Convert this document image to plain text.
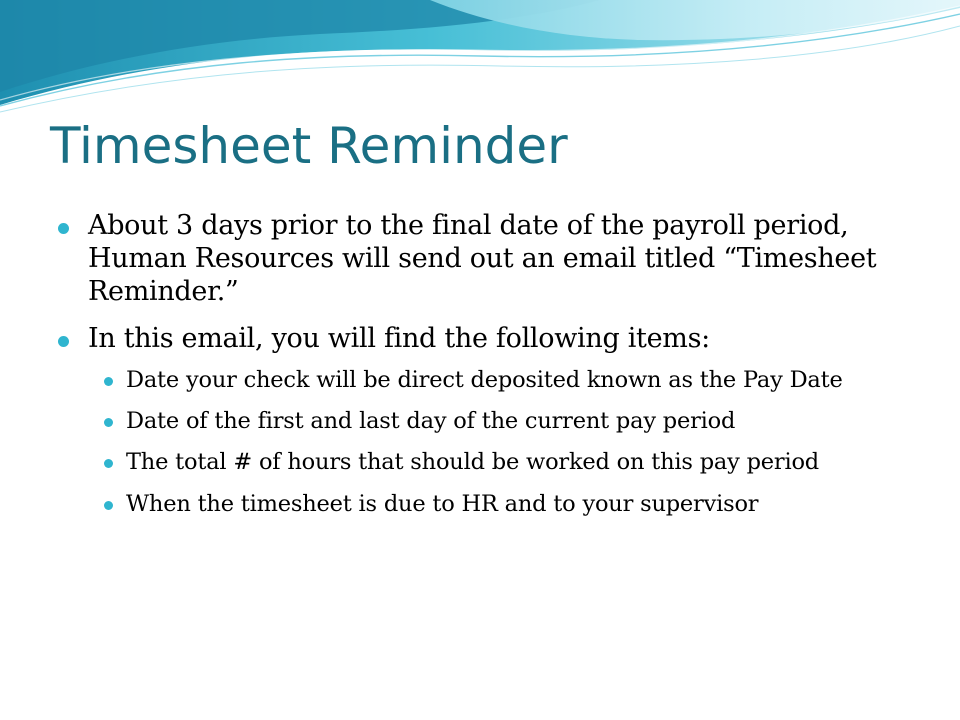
Timesheet Reminder
About 3 days prior to the final date of the payroll period, Human Resources will send out an email titled “Timesheet Reminder.”
In this email, you will find the following items:
Date your check will be direct deposited known as the Pay Date
Date of the first and last day of the current pay period
The total # of hours that should be worked on this pay period
When the timesheet is due to HR and to your supervisor
